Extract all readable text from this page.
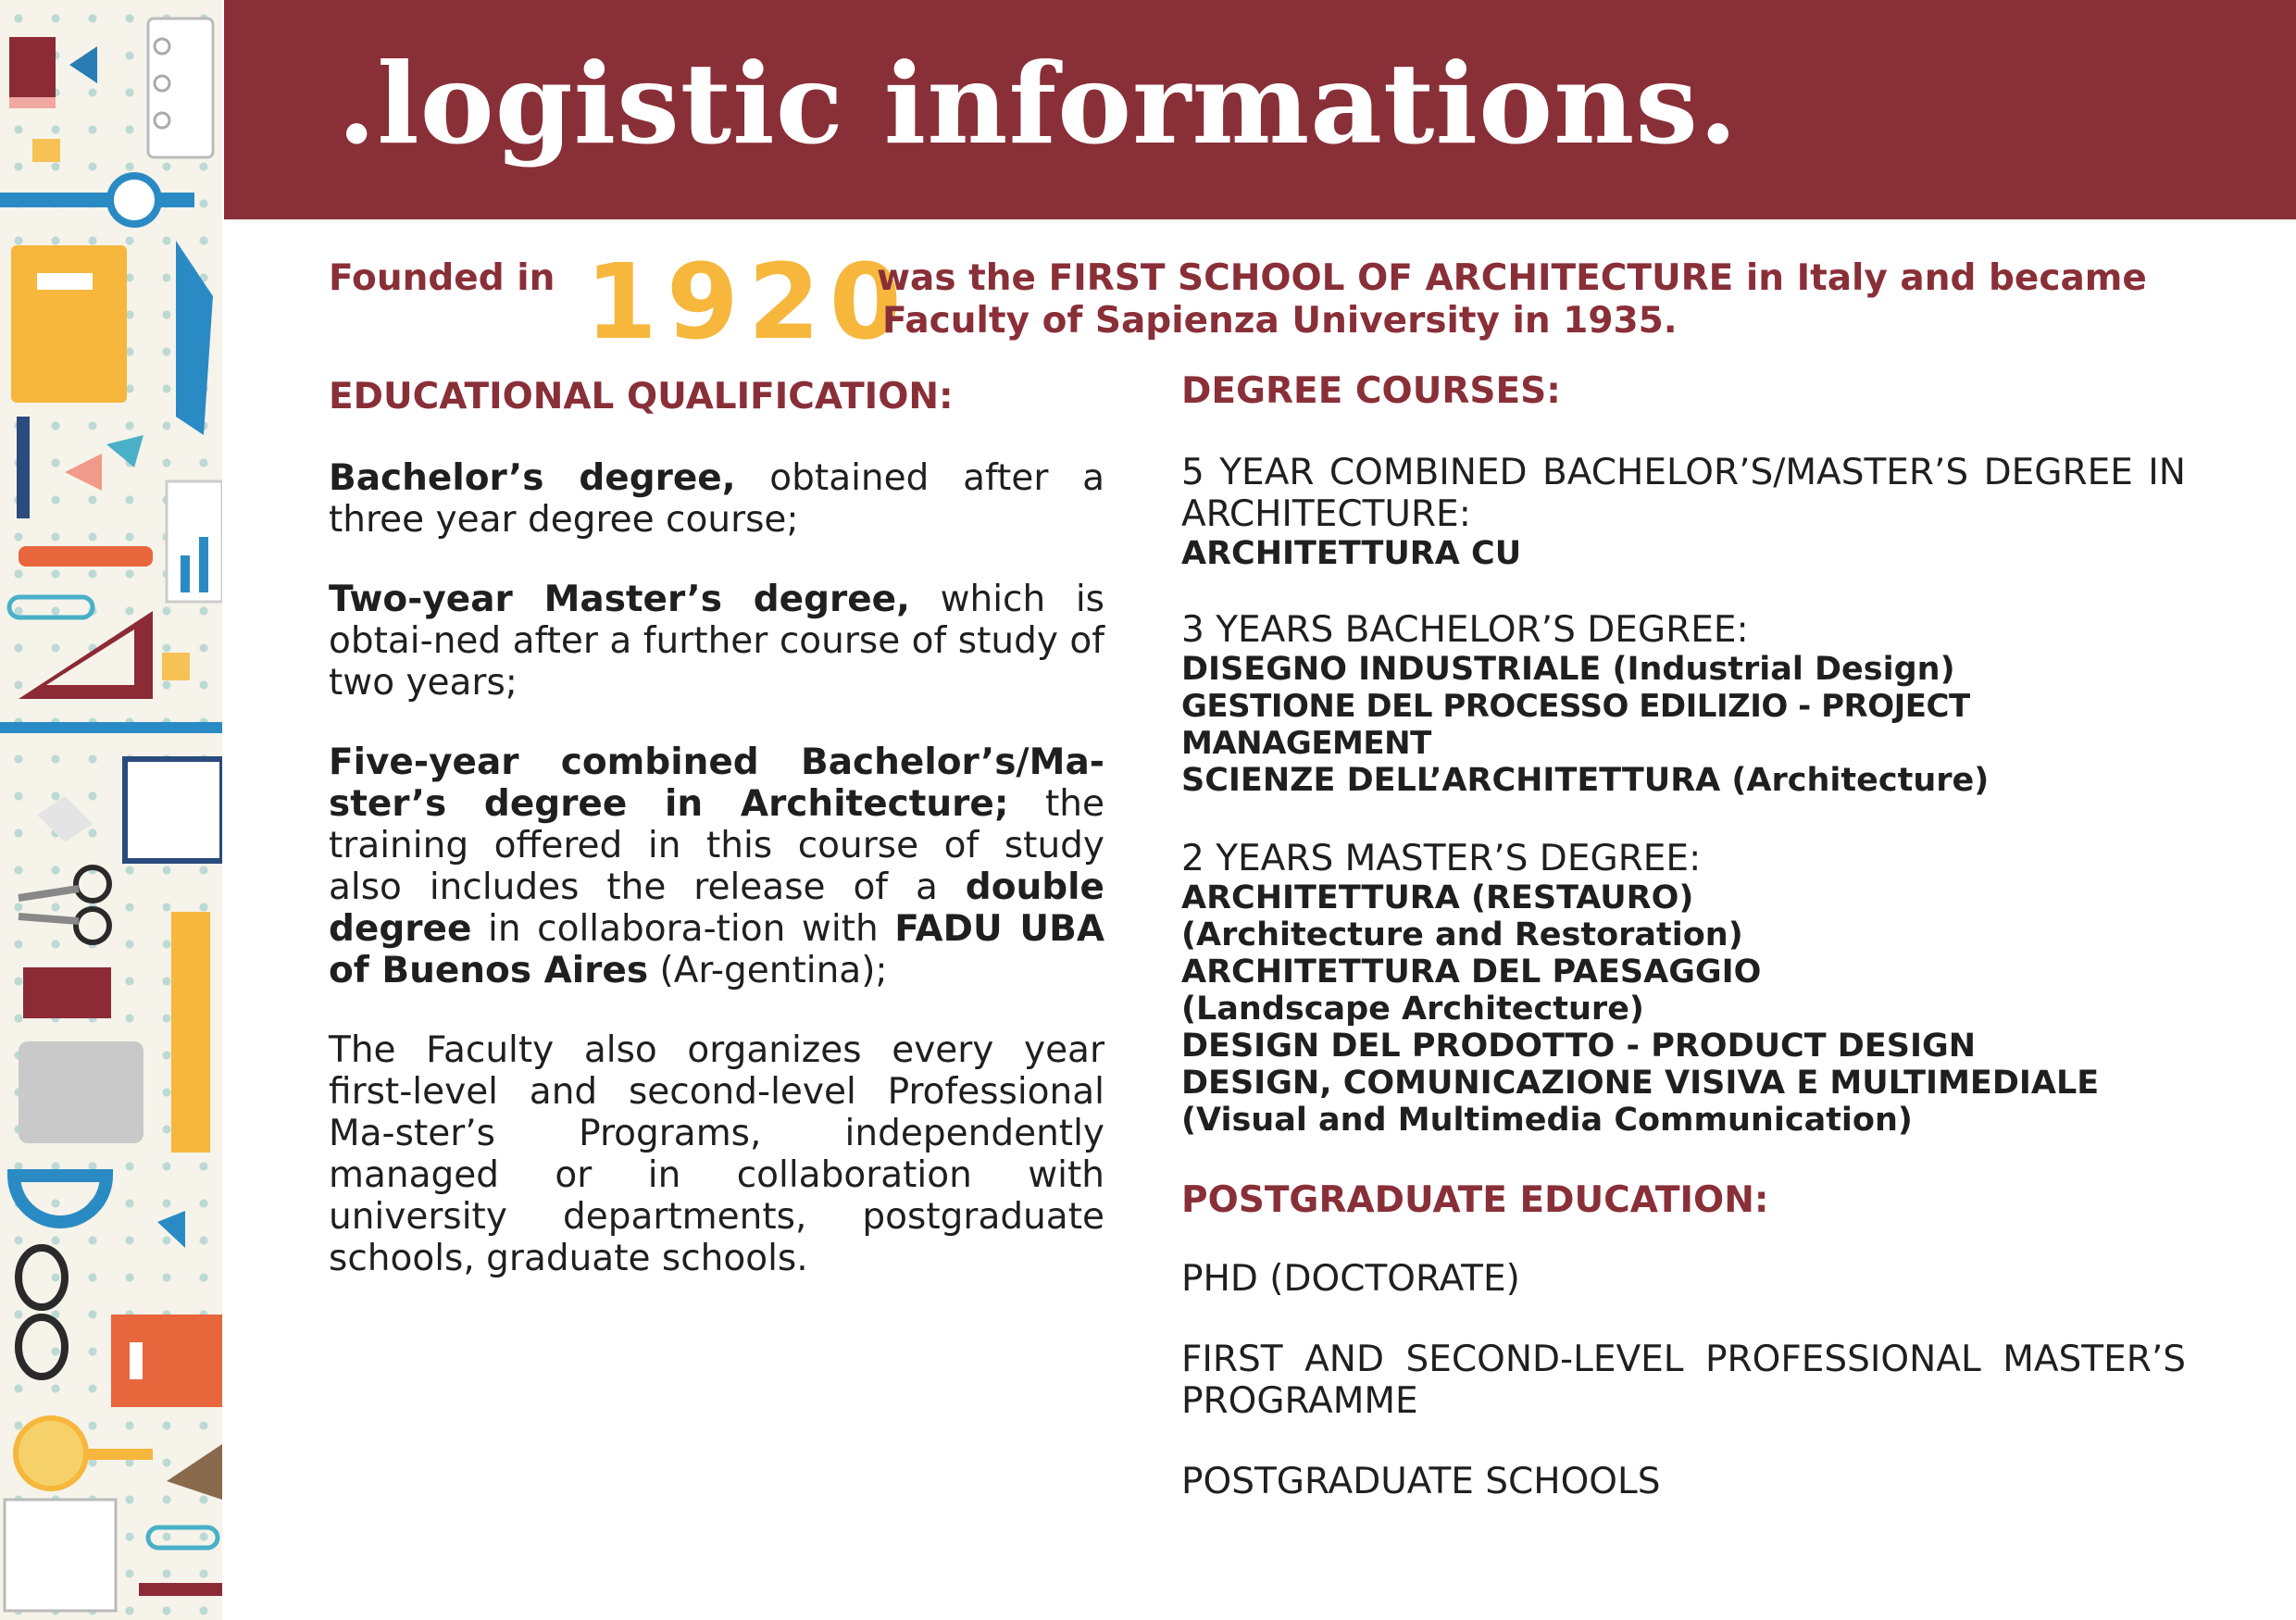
.logistic informations.
Founded in 1920
was the FIRST SCHOOL OF ARCHITECTURE in Italy and became
Faculty of Sapienza University in 1935.

EDUCATIONAL QUALIFICATION:

Bachelor’s degree, obtained after a three year degree course;

Two-year Master’s degree, which is obtai-ned after a further course of study of two years;

Five-year combined Bachelor’s/Ma-ster’s degree in Architecture; the training offered in this course of study also includes the release of a double degree in collabora-tion with FADU UBA of Buenos Aires (Ar-gentina);

The Faculty also organizes every year first-level and second-level Professional Ma-ster’s Programs, independently managed or in collaboration with university departments, postgraduate schools, graduate schools.

DEGREE COURSES:

5 YEAR COMBINED BACHELOR’S/MASTER’S DEGREE IN ARCHITECTURE:

ARCHITETTURA CU

3 YEARS BACHELOR’S DEGREE:

DISEGNO INDUSTRIALE (Industrial Design)

GESTIONE DEL PROCESSO EDILIZIO - PROJECT MANAGEMENT

SCIENZE DELL’ARCHITETTURA (Architecture)

2 YEARS MASTER’S DEGREE:

ARCHITETTURA (RESTAURO)

(Architecture and Restoration)

ARCHITETTURA DEL PAESAGGIO

(Landscape Architecture)

DESIGN DEL PRODOTTO - PRODUCT DESIGN

DESIGN, COMUNICAZIONE VISIVA E MULTIMEDIALE

(Visual and Multimedia Communication)

POSTGRADUATE EDUCATION:

PHD (DOCTORATE)

FIRST AND SECOND-LEVEL PROFESSIONAL MASTER’S PROGRAMME

POSTGRADUATE SCHOOLS
